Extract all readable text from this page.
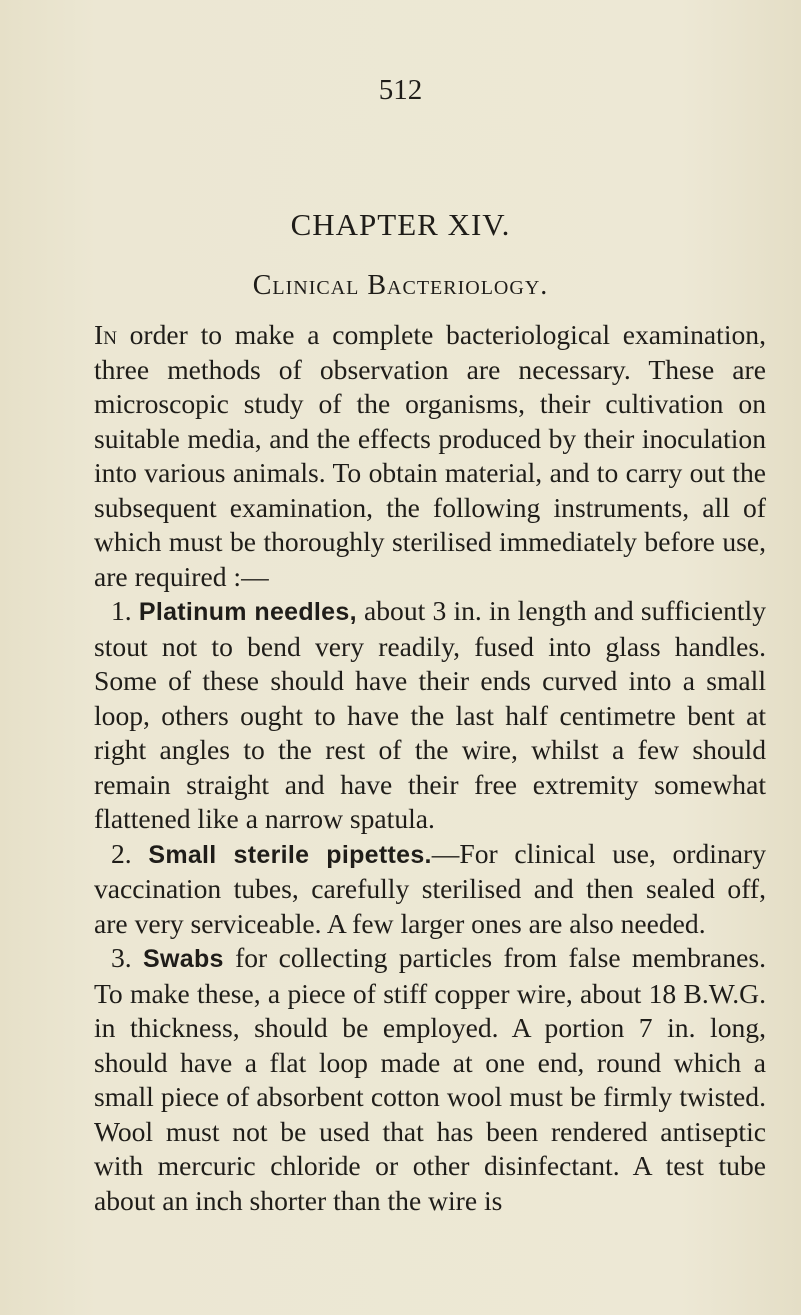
512
CHAPTER XIV.
Clinical Bacteriology.

In order to make a complete bacteriological examination, three methods of observation are necessary. These are microscopic study of the organisms, their cultivation on suitable media, and the effects produced by their inoculation into various animals. To obtain material, and to carry out the subsequent examination, the following instruments, all of which must be thoroughly sterilised immediately before use, are required :—

1. Platinum needles, about 3 in. in length and sufficiently stout not to bend very readily, fused into glass handles. Some of these should have their ends curved into a small loop, others ought to have the last half centimetre bent at right angles to the rest of the wire, whilst a few should remain straight and have their free extremity somewhat flattened like a narrow spatula.

2. Small sterile pipettes.—For clinical use, ordinary vaccination tubes, carefully sterilised and then sealed off, are very serviceable. A few larger ones are also needed.

3. Swabs for collecting particles from false membranes. To make these, a piece of stiff copper wire, about 18 B.W.G. in thickness, should be employed. A portion 7 in. long, should have a flat loop made at one end, round which a small piece of absorbent cotton wool must be firmly twisted. Wool must not be used that has been rendered antiseptic with mercuric chloride or other disinfectant. A test tube about an inch shorter than the wire is
